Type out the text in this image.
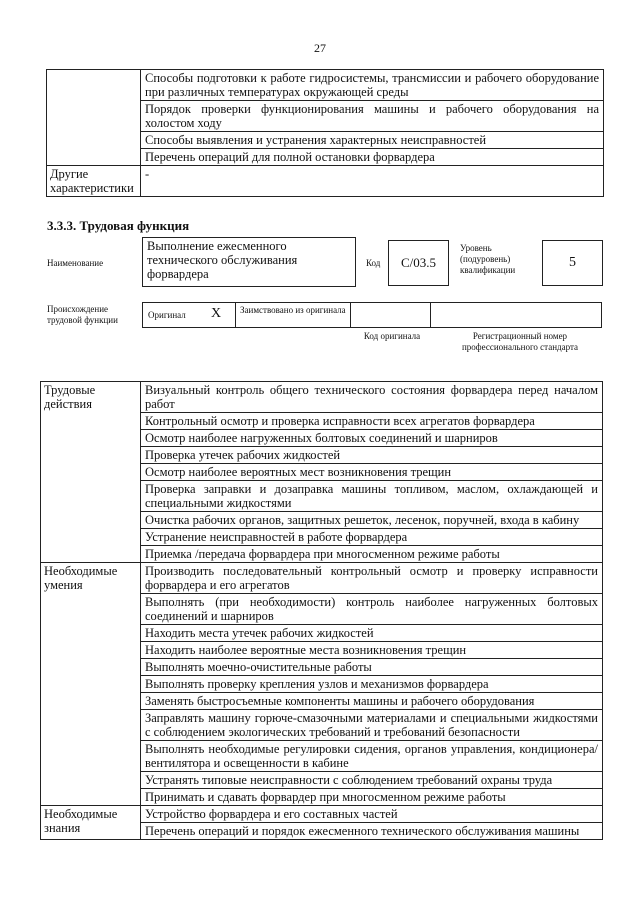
27
	Способы подготовки к работе гидросистемы, трансмиссии и рабочего оборудование при различных температурах окружающей среды
	Порядок проверки функционирования машины и рабочего оборудования на холостом ходу
	Способы выявления и устранения характерных неисправностей
	Перечень операций для полной остановки форвардера
Другие характеристики	-
3.3.3. Трудовая функция
Наименование
Выполнение ежесменного технического обслуживания форвардера
Код C/03.5
Уровень (подуровень) квалификации	5
Происхождение трудовой функции	Оригинал X Заимствовано из оригинала
Код оригинала	Регистрационный номер профессионального стандарта
Трудовые действия	Визуальный контроль общего технического состояния форвардера перед началом работ
	Контрольный осмотр и проверка исправности всех агрегатов форвардера
	Осмотр наиболее нагруженных болтовых соединений и шарниров
	Проверка утечек рабочих жидкостей
	Осмотр наиболее вероятных мест возникновения трещин
	Проверка заправки и дозаправка машины топливом, маслом, охлаждающей и специальными жидкостями
	Очистка рабочих органов, защитных решеток, лесенок, поручней, входа в кабину
	Устранение неисправностей в работе форвардера
	Приемка /передача форвардера при многосменном режиме работы
Необходимые умения	Производить последовательный контрольный осмотр и проверку исправности форвардера и его агрегатов
	Выполнять (при необходимости) контроль наиболее нагруженных болтовых соединений и шарниров
	Находить места утечек рабочих жидкостей
	Находить наиболее вероятные места возникновения трещин
	Выполнять моечно-очистительные работы
	Выполнять проверку крепления узлов и механизмов форвардера
	Заменять быстросъемные компоненты машины и рабочего оборудования
	Заправлять машину горюче-смазочными материалами и специальными жидкостями с соблюдением экологических требований и требований безопасности
	Выполнять необходимые регулировки сидения, органов управления, кондиционера/вентилятора и освещенности в кабине
	Устранять типовые неисправности с соблюдением требований охраны труда
	Принимать и сдавать форвардер при многосменном режиме работы
Необходимые знания	Устройство форвардера и его составных частей
	Перечень операций и порядок ежесменного технического обслуживания машины
